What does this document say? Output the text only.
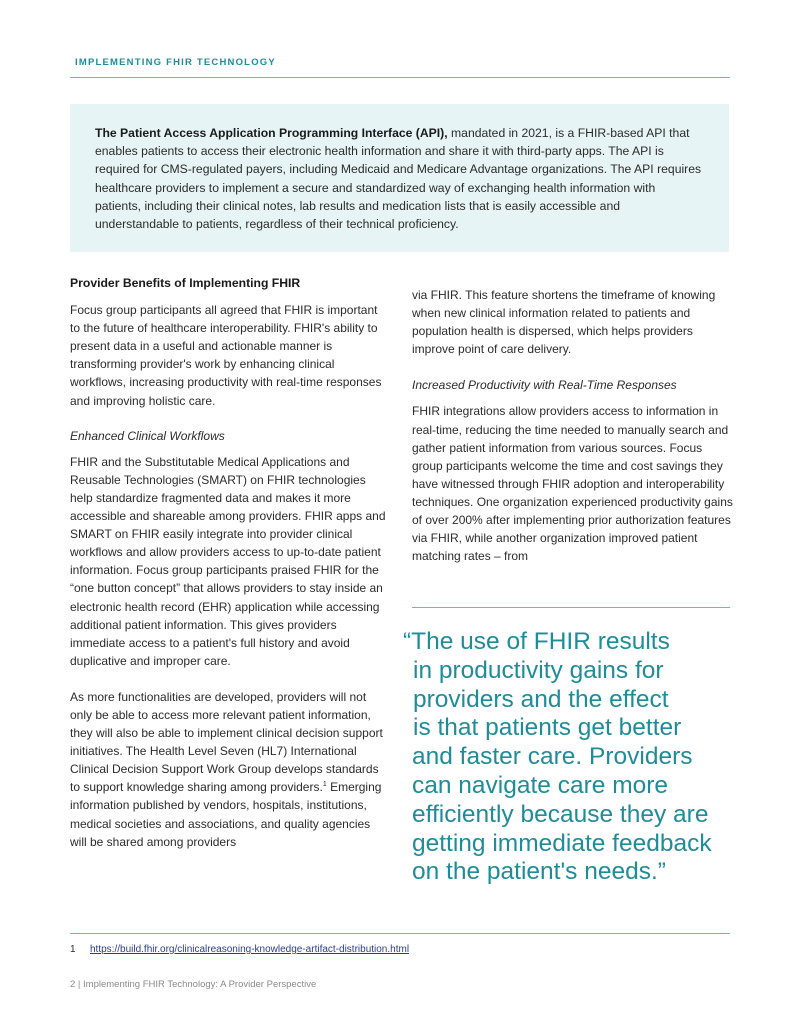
IMPLEMENTING FHIR TECHNOLOGY
The Patient Access Application Programming Interface (API), mandated in 2021, is a FHIR-based API that enables patients to access their electronic health information and share it with third-party apps. The API is required for CMS-regulated payers, including Medicaid and Medicare Advantage organizations. The API requires healthcare providers to implement a secure and standardized way of exchanging health information with patients, including their clinical notes, lab results and medication lists that is easily accessible and understandable to patients, regardless of their technical proficiency.

Provider Benefits of Implementing FHIR

Focus group participants all agreed that FHIR is important to the future of healthcare interoperability. FHIR's ability to present data in a useful and actionable manner is transforming provider's work by enhancing clinical workflows, increasing productivity with real-time responses and improving holistic care.

Enhanced Clinical Workflows

FHIR and the Substitutable Medical Applications and Reusable Technologies (SMART) on FHIR technologies help standardize fragmented data and makes it more accessible and shareable among providers. FHIR apps and SMART on FHIR easily integrate into provider clinical workflows and allow providers access to up-to-date patient information. Focus group participants praised FHIR for the “one button concept” that allows providers to stay inside an electronic health record (EHR) application while accessing additional patient information. This gives providers immediate access to a patient's full history and avoid duplicative and improper care.

As more functionalities are developed, providers will not only be able to access more relevant patient information, they will also be able to implement clinical decision support initiatives. The Health Level Seven (HL7) International Clinical Decision Support Work Group develops standards to support knowledge sharing among providers.$^1$ Emerging information published by vendors, hospitals, institutions, medical societies and associations, and quality agencies will be shared among providers

via FHIR. This feature shortens the timeframe of knowing when new clinical information related to patients and population health is dispersed, which helps providers improve point of care delivery.

Increased Productivity with Real-Time Responses

FHIR integrations allow providers access to information in real-time, reducing the time needed to manually search and gather patient information from various sources. Focus group participants welcome the time and cost savings they have witnessed through FHIR adoption and interoperability techniques. One organization experienced productivity gains of over 200% after implementing prior authorization features via FHIR, while another organization improved patient matching rates – from

“The use of FHIR results
in productivity gains for
providers and the effect
is that patients get better
and faster care. Providers
can navigate care more
efficiently because they are
getting immediate feedback
on the patient's needs.”
1 https://build.fhir.org/clinicalreasoning-knowledge-artifact-distribution.html
2 | Implementing FHIR Technology: A Provider Perspective
